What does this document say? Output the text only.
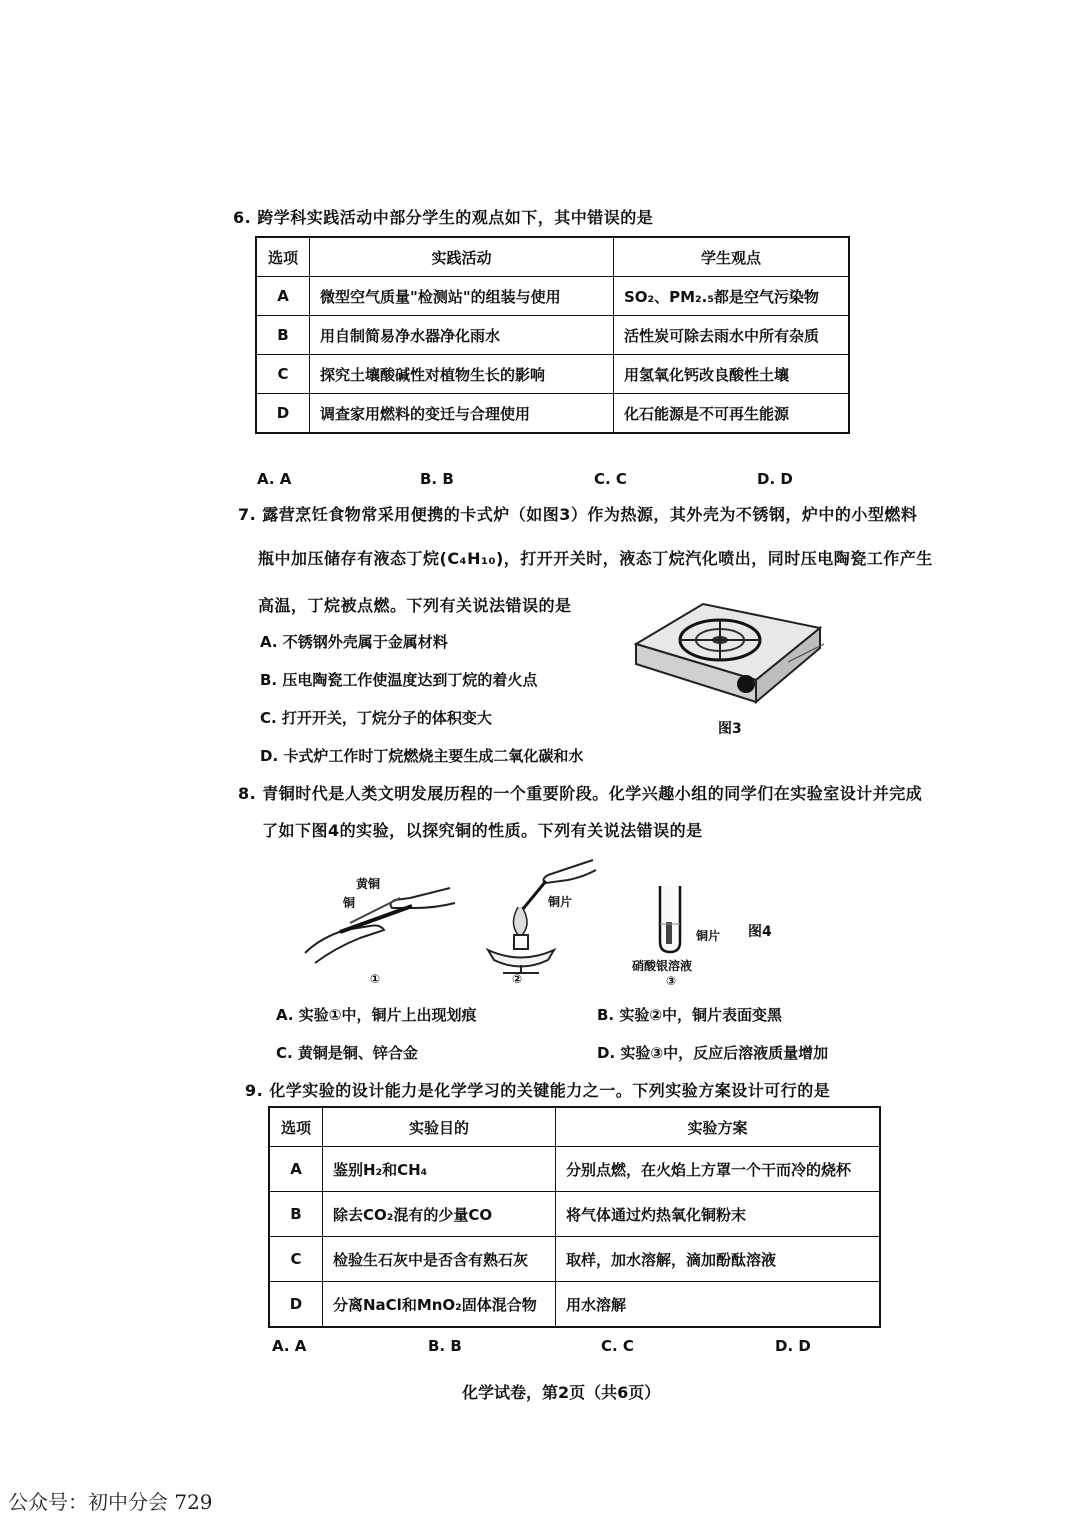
6. 跨学科实践活动中部分学生的观点如下，其中错误的是
选项	实践活动	学生观点
A	微型空气质量"检测站"的组装与使用	SO₂、PM₂.₅都是空气污染物
B	用自制简易净水器净化雨水	活性炭可除去雨水中所有杂质
C	探究土壤酸碱性对植物生长的影响	用氢氧化钙改良酸性土壤
D	调查家用燃料的变迁与合理使用	化石能源是不可再生能源
A. A	B. B	C. C	D. D
7. 露营烹饪食物常采用便携的卡式炉（如图3）作为热源，其外壳为不锈钢，炉中的小型燃料
瓶中加压储存有液态丁烷(C₄H₁₀)，打开开关时，液态丁烷汽化喷出，同时压电陶瓷工作产生
高温，丁烷被点燃。下列有关说法错误的是
A. 不锈钢外壳属于金属材料
B. 压电陶瓷工作使温度达到丁烷的着火点
C. 打开开关，丁烷分子的体积变大
D. 卡式炉工作时丁烷燃烧主要生成二氧化碳和水
图3
8. 青铜时代是人类文明发展历程的一个重要阶段。化学兴趣小组的同学们在实验室设计并完成
了如下图4的实验，以探究铜的性质。下列有关说法错误的是
黄铜
铜
①
铜片
②
铜片
硝酸银溶液
③
图4
A. 实验①中，铜片上出现划痕	B. 实验②中，铜片表面变黑
C. 黄铜是铜、锌合金	D. 实验③中，反应后溶液质量增加
9. 化学实验的设计能力是化学学习的关键能力之一。下列实验方案设计可行的是
选项	实验目的	实验方案
A	鉴别H₂和CH₄	分别点燃，在火焰上方罩一个干而冷的烧杯
B	除去CO₂混有的少量CO	将气体通过灼热氧化铜粉末
C	检验生石灰中是否含有熟石灰	取样，加水溶解，滴加酚酞溶液
D	分离NaCl和MnO₂固体混合物	用水溶解
A. A	B. B	C. C	D. D
化学试卷，第2页（共6页）
公众号：初中分会 729
